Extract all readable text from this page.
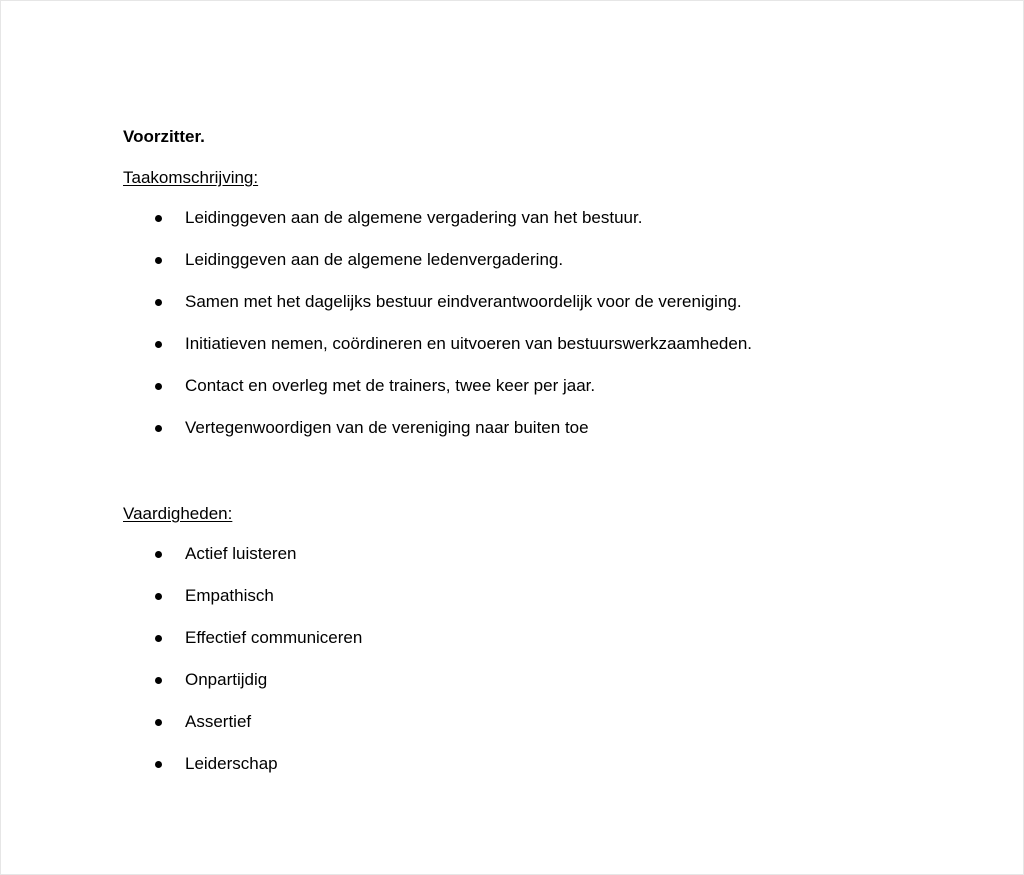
Voorzitter.

Taakomschrijving:

Leidinggeven aan de algemene vergadering van het bestuur.
Leidinggeven aan de algemene ledenvergadering.
Samen met het dagelijks bestuur eindverantwoordelijk voor de vereniging.
Initiatieven nemen, coördineren en uitvoeren van bestuurswerkzaamheden.
Contact en overleg met de trainers, twee keer per jaar.
Vertegenwoordigen van de vereniging naar buiten toe

Vaardigheden:

Actief luisteren
Empathisch
Effectief communiceren
Onpartijdig
Assertief
Leiderschap
